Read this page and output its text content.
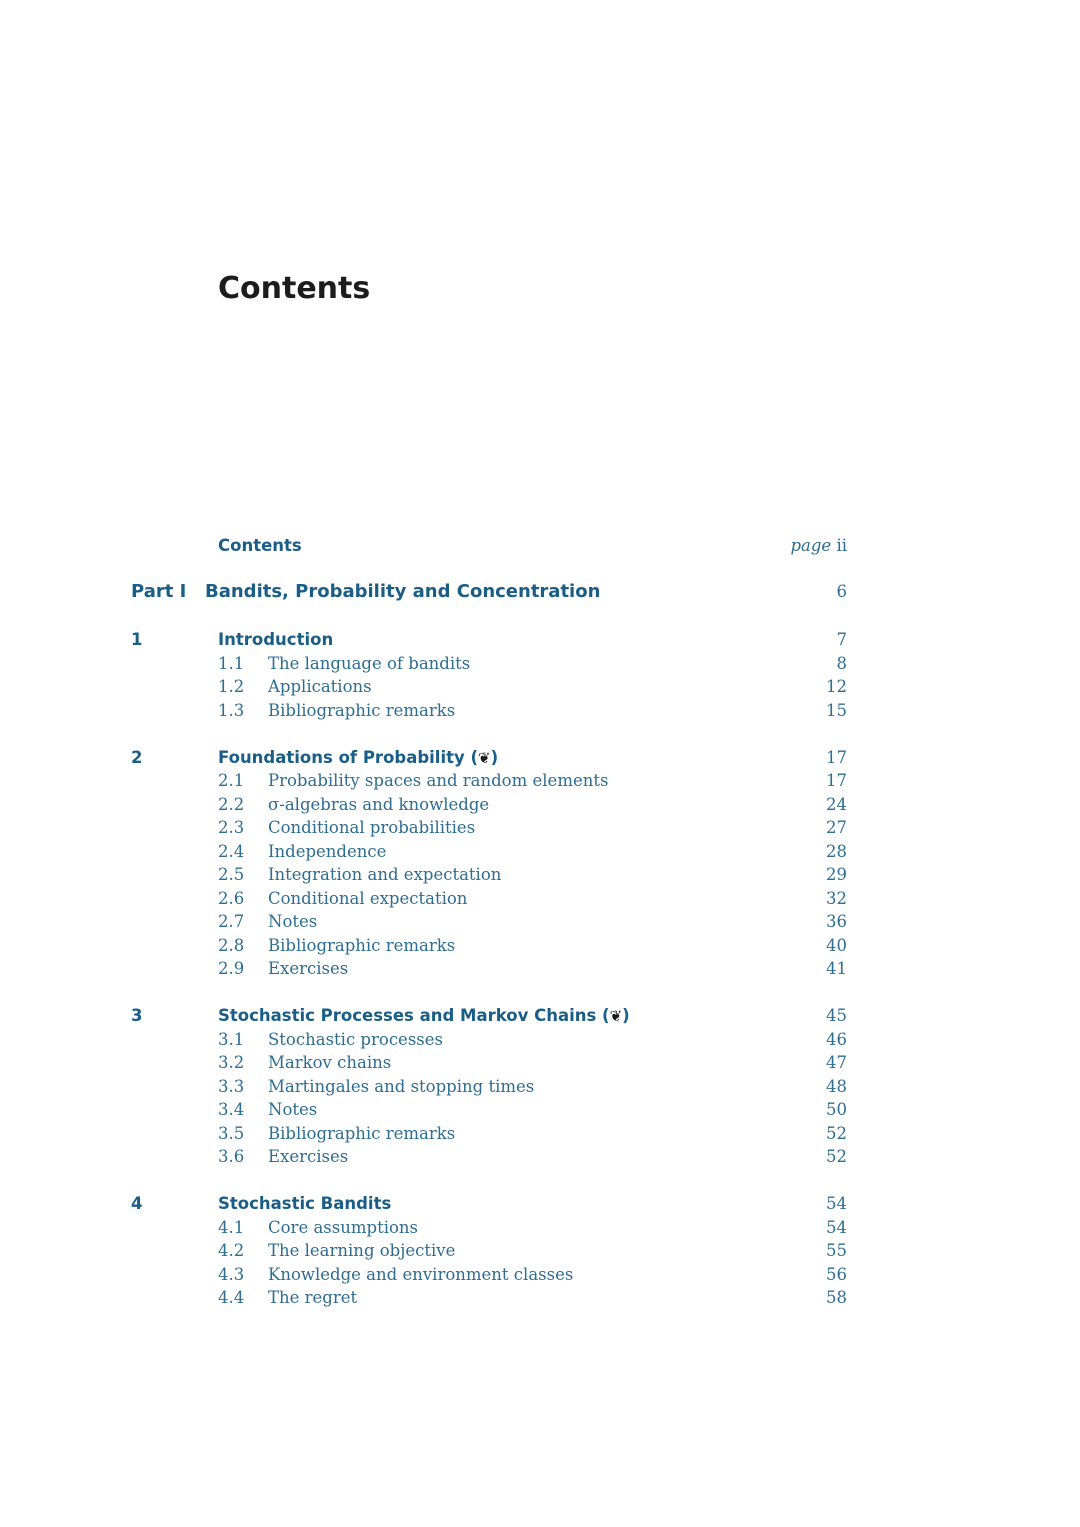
Contents
Contents	page ii
Part I Bandits, Probability and Concentration	6
1	Introduction	7
1.1 The language of bandits	8
1.2 Applications	12
1.3 Bibliographic remarks	15
2	Foundations of Probability (❦)	17
2.1 Probability spaces and random elements	17
2.2 σ-algebras and knowledge	24
2.3 Conditional probabilities	27
2.4 Independence	28
2.5 Integration and expectation	29
2.6 Conditional expectation	32
2.7 Notes	36
2.8 Bibliographic remarks	40
2.9 Exercises	41
3	Stochastic Processes and Markov Chains (❦)	45
3.1 Stochastic processes	46
3.2 Markov chains	47
3.3 Martingales and stopping times	48
3.4 Notes	50
3.5 Bibliographic remarks	52
3.6 Exercises	52
4	Stochastic Bandits	54
4.1 Core assumptions	54
4.2 The learning objective	55
4.3 Knowledge and environment classes	56
4.4 The regret	58
